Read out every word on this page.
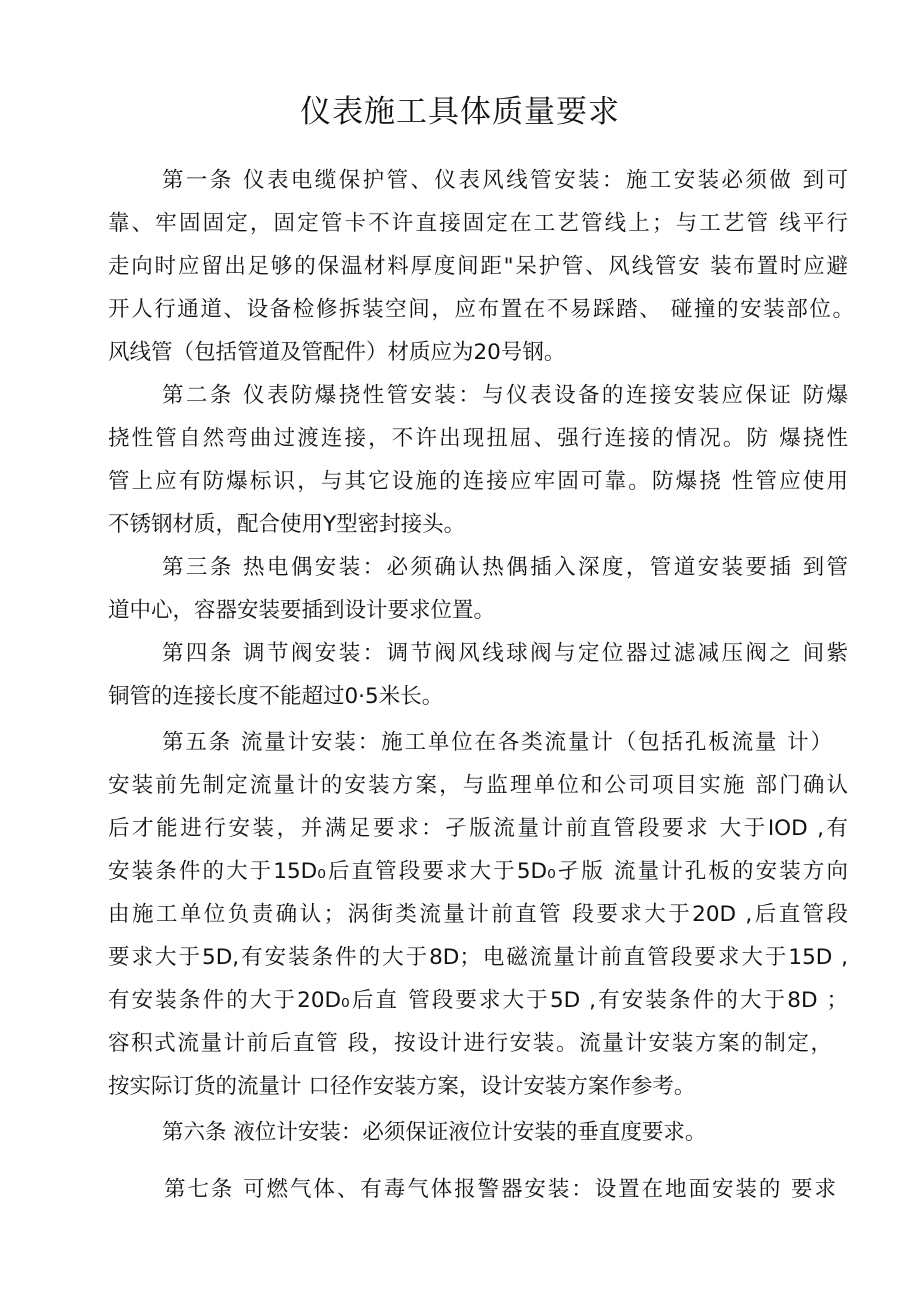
仪表施工具体质量要求
第一条 仪表电缆保护管、仪表风线管安装：施工安装必须做 到可
靠、牢固固定，固定管卡不许直接固定在工艺管线上；与工艺管 线平行
走向时应留出足够的保温材料厚度间距"呆护管、风线管安 装布置时应避
开人行通道、设备检修拆装空间，应布置在不易踩踏、 碰撞的安装部位。
风线管（包括管道及管配件）材质应为20号钢。
第二条 仪表防爆挠性管安装：与仪表设备的连接安装应保证 防爆
挠性管自然弯曲过渡连接，不许出现扭屈、强行连接的情况。防 爆挠性
管上应有防爆标识，与其它设施的连接应牢固可靠。防爆挠 性管应使用
不锈钢材质，配合使用Y型密封接头。
第三条 热电偶安装：必须确认热偶插入深度，管道安装要插 到管
道中心，容器安装要插到设计要求位置。
第四条 调节阀安装：调节阀风线球阀与定位器过滤减压阀之 间紫
铜管的连接长度不能超过0·5米长。
第五条 流量计安装：施工单位在各类流量计（包括孔板流量 计）
安装前先制定流量计的安装方案，与监理单位和公司项目实施 部门确认
后才能进行安装，并满足要求：孑版流量计前直管段要求 大于IOD ,有
安装条件的大于15D₀后直管段要求大于5D₀孑版 流量计孔板的安装方向
由施工单位负责确认；涡街类流量计前直管 段要求大于20D ,后直管段
要求大于5D,有安装条件的大于8D；电磁流量计前直管段要求大于15D ,
有安装条件的大于20D₀后直 管段要求大于5D ,有安装条件的大于8D ；
容积式流量计前后直管 段，按设计进行安装。流量计安装方案的制定，
按实际订货的流量计 口径作安装方案，设计安装方案作参考。
第六条 液位计安装：必须保证液位计安装的垂直度要求。
第七条 可燃气体、有毒气体报警器安装：设置在地面安装的 要求
